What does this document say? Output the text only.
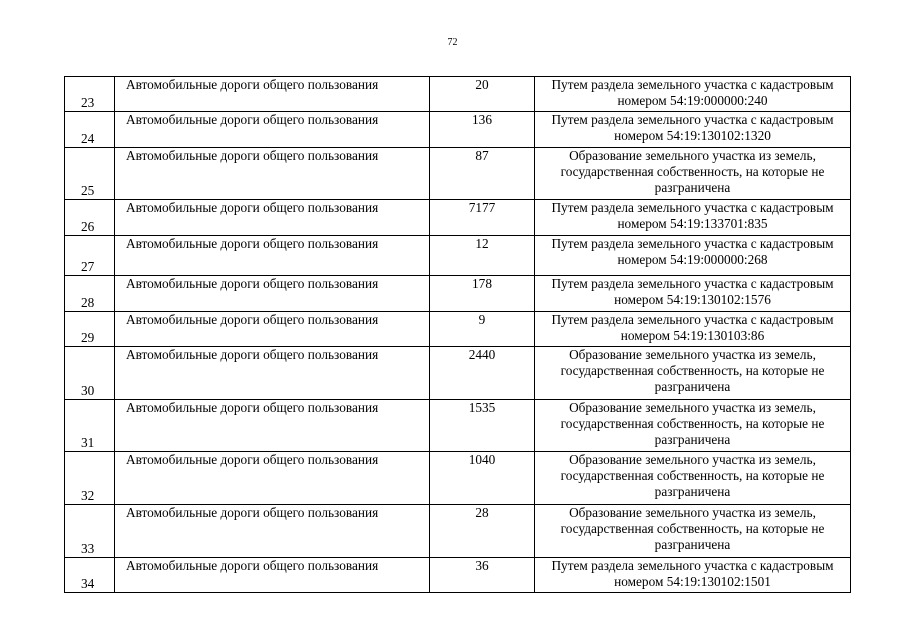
72
23	Автомобильные дороги общего пользования	20	Путем раздела земельного участка с кадастровым номером 54:19:000000:240
24	Автомобильные дороги общего пользования	136	Путем раздела земельного участка с кадастровым номером 54:19:130102:1320
25	Автомобильные дороги общего пользования	87	Образование земельного участка из земель, государственная собственность, на которые не разграничена
26	Автомобильные дороги общего пользования	7177	Путем раздела земельного участка с кадастровым номером 54:19:133701:835
27	Автомобильные дороги общего пользования	12	Путем раздела земельного участка с кадастровым номером 54:19:000000:268
28	Автомобильные дороги общего пользования	178	Путем раздела земельного участка с кадастровым номером 54:19:130102:1576
29	Автомобильные дороги общего пользования	9	Путем раздела земельного участка с кадастровым номером 54:19:130103:86
30	Автомобильные дороги общего пользования	2440	Образование земельного участка из земель, государственная собственность, на которые не разграничена
31	Автомобильные дороги общего пользования	1535	Образование земельного участка из земель, государственная собственность, на которые не разграничена
32	Автомобильные дороги общего пользования	1040	Образование земельного участка из земель, государственная собственность, на которые не разграничена
33	Автомобильные дороги общего пользования	28	Образование земельного участка из земель, государственная собственность, на которые не разграничена
34	Автомобильные дороги общего пользования	36	Путем раздела земельного участка с кадастровым номером 54:19:130102:1501
